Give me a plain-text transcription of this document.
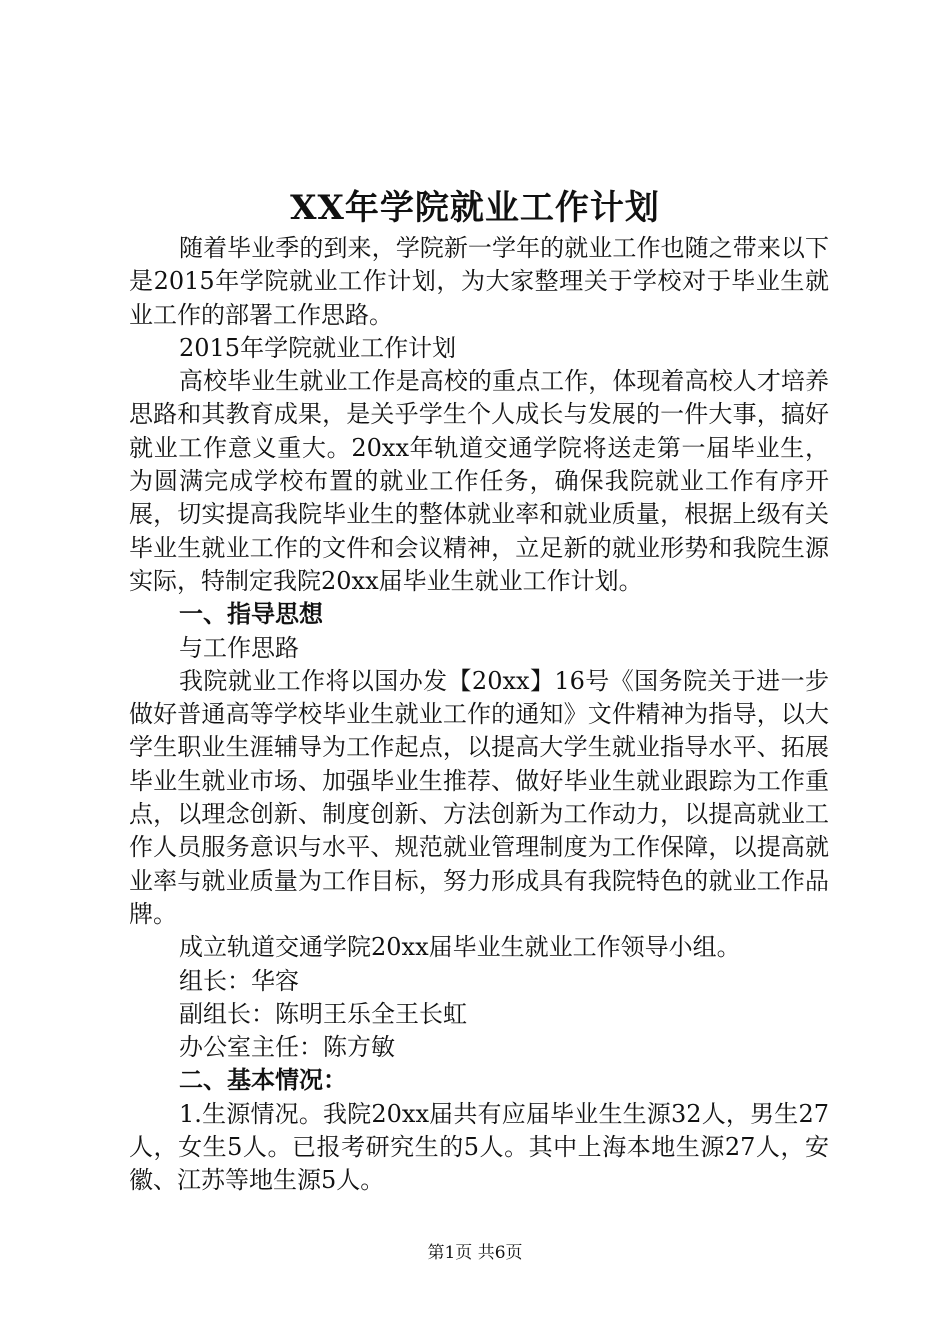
XX年学院就业工作计划

随着毕业季的到来，学院新一学年的就业工作也随之带来以下是2015年学院就业工作计划，为大家整理关于学校对于毕业生就业工作的部署工作思路。

2015年学院就业工作计划

高校毕业生就业工作是高校的重点工作，体现着高校人才培养思路和其教育成果，是关乎学生个人成长与发展的一件大事，搞好就业工作意义重大。20xx年轨道交通学院将送走第一届毕业生，为圆满完成学校布置的就业工作任务，确保我院就业工作有序开展，切实提高我院毕业生的整体就业率和就业质量，根据上级有关毕业生就业工作的文件和会议精神，立足新的就业形势和我院生源实际，特制定我院20xx届毕业生就业工作计划。

一、指导思想

与工作思路

我院就业工作将以国办发【20xx】16号《国务院关于进一步做好普通高等学校毕业生就业工作的通知》文件精神为指导，以大学生职业生涯辅导为工作起点，以提高大学生就业指导水平、拓展毕业生就业市场、加强毕业生推荐、做好毕业生就业跟踪为工作重点，以理念创新、制度创新、方法创新为工作动力，以提高就业工作人员服务意识与水平、规范就业管理制度为工作保障，以提高就业率与就业质量为工作目标，努力形成具有我院特色的就业工作品牌。

成立轨道交通学院20xx届毕业生就业工作领导小组。

组长：华容

副组长：陈明王乐全王长虹

办公室主任：陈方敏

二、基本情况：

1.生源情况。我院20xx届共有应届毕业生生源32人，男生27人，女生5人。已报考研究生的5人。其中上海本地生源27人，安徽、江苏等地生源5人。

第1页 共6页
